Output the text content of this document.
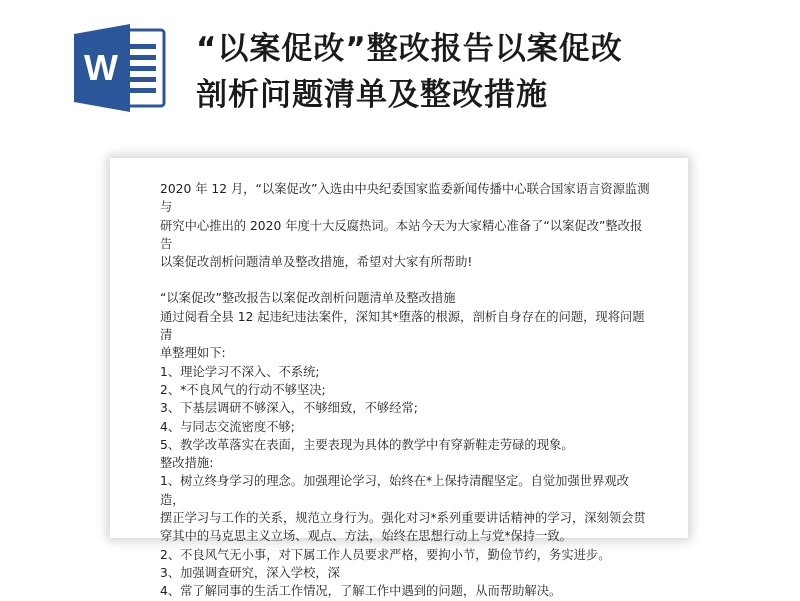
W	“以案促改”整改报告以案促改
剖析问题清单及整改措施

2020 年 12 月，“以案促改”入选由中央纪委国家监委新闻传播中心联合国家语言资源监测与

研究中心推出的 2020 年度十大反腐热词。本站今天为大家精心准备了“以案促改”整改报告

以案促改剖析问题清单及整改措施，希望对大家有所帮助!

“以案促改”整改报告以案促改剖析问题清单及整改措施

通过阅看全县 12 起违纪违法案件，深知其*堕落的根源，剖析自身存在的问题，现将问题清

单整理如下:

1、理论学习不深入、不系统;

2、*不良风气的行动不够坚决;

3、下基层调研不够深入，不够细致，不够经常;

4、与同志交流密度不够;

5、教学改革落实在表面，主要表现为具体的教学中有穿新鞋走劳碌的现象。

整改措施:

1、树立终身学习的理念。加强理论学习，始终在*上保持清醒坚定。自觉加强世界观改造，

摆正学习与工作的关系，规范立身行为。强化对习*系列重要讲话精神的学习，深刻领会贯

穿其中的马克思主义立场、观点、方法，始终在思想行动上与党*保持一致。

2、不良风气无小事，对下属工作人员要求严格，要拘小节，勤俭节约，务实进步。

3、加强调查研究，深入学校，深

4、常了解同事的生活工作情况，了解工作中遇到的问题，从而帮助解决。
